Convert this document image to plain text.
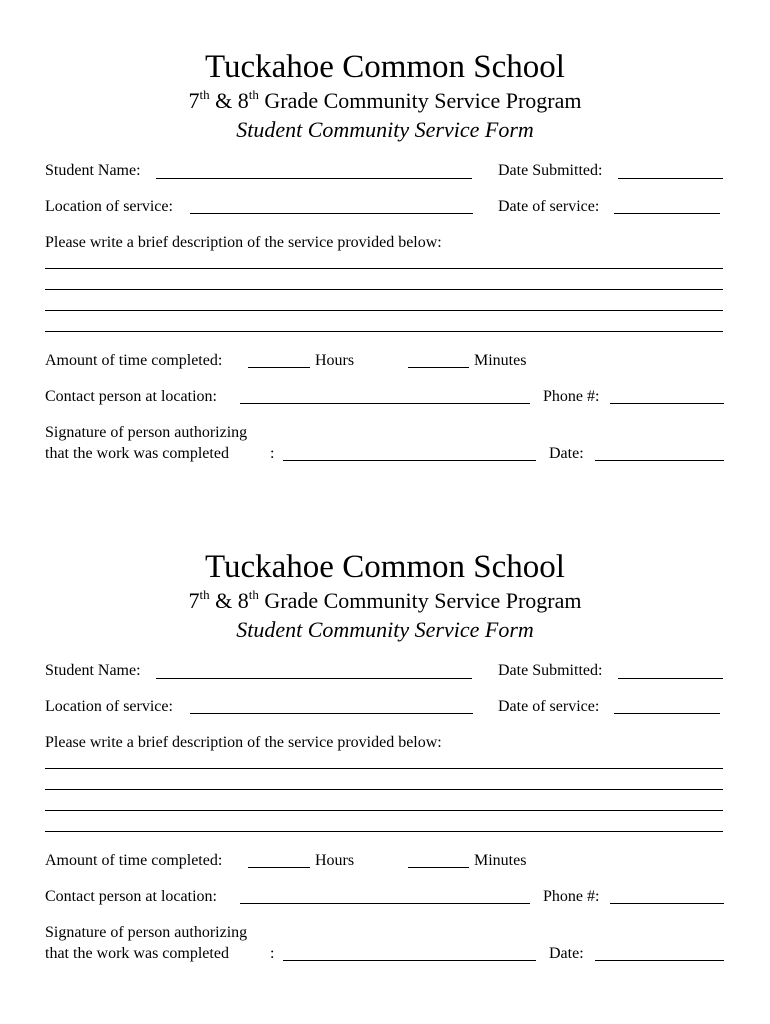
Tuckahoe Common School
7th & 8th Grade Community Service Program
Student Community Service Form
Student Name:	Date Submitted:
Location of service:	Date of service:
Please write a brief description of the service provided below:
Amount of time completed:	Hours	Minutes
Contact person at location:	Phone #:
Signature of person authorizing
that the work was completed	:	Date:
Tuckahoe Common School
7th & 8th Grade Community Service Program
Student Community Service Form
Student Name:	Date Submitted:
Location of service:	Date of service:
Please write a brief description of the service provided below:
Amount of time completed:	Hours	Minutes
Contact person at location:	Phone #:
Signature of person authorizing
that the work was completed	:	Date:
